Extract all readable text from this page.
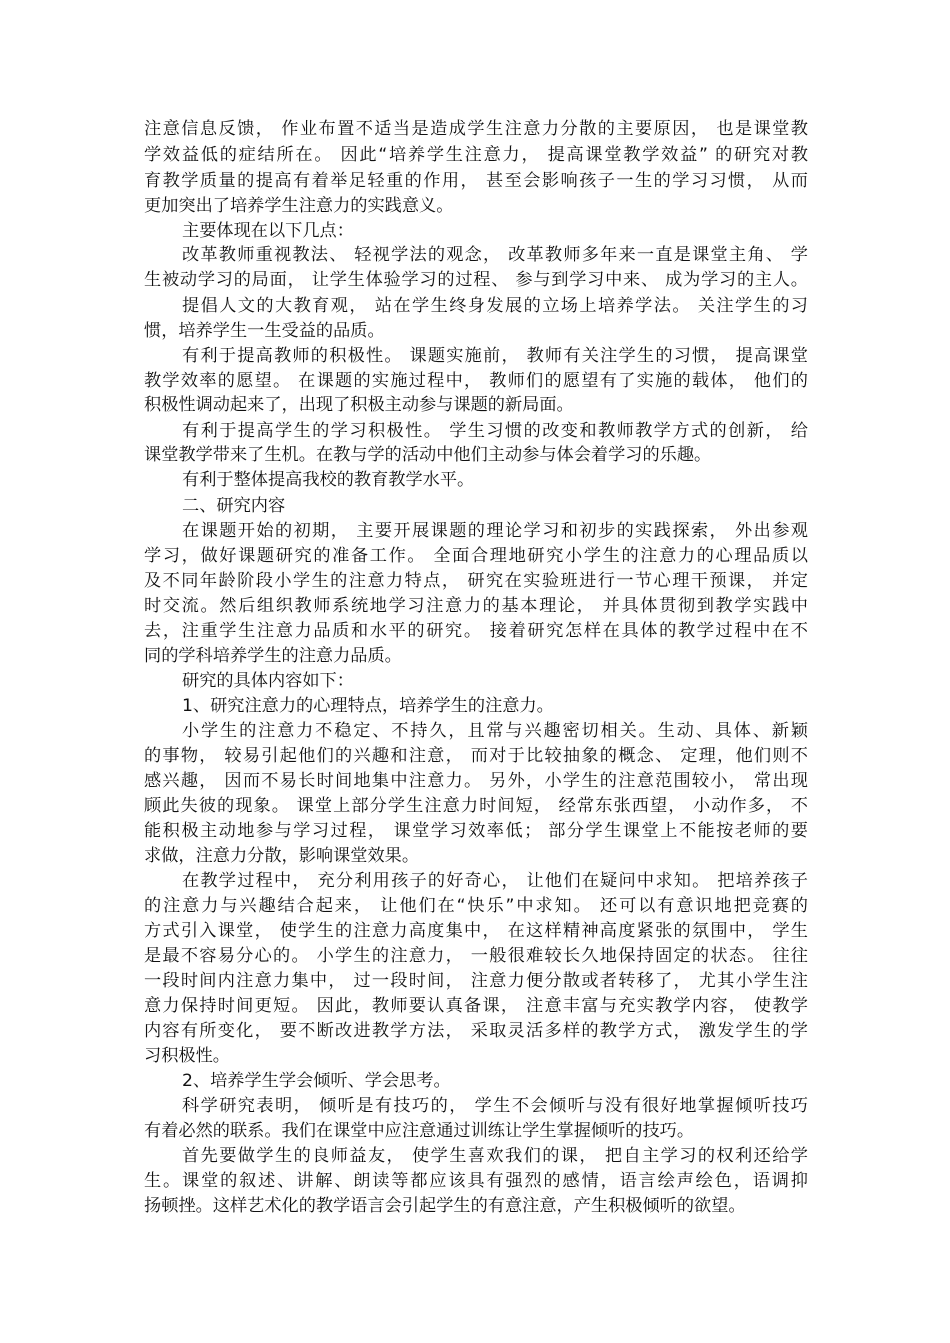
注意信息反馈， 作业布置不适当是造成学生注意力分散的主要原因， 也是课堂教
学效益低的症结所在。 因此“培养学生注意力， 提高课堂教学效益” 的研究对教
育教学质量的提高有着举足轻重的作用， 甚至会影响孩子一生的学习习惯， 从而
更加突出了培养学生注意力的实践意义。
主要体现在以下几点：
改革教师重视教法、 轻视学法的观念， 改革教师多年来一直是课堂主角、 学
生被动学习的局面， 让学生体验学习的过程、 参与到学习中来、 成为学习的主人。
提倡人文的大教育观， 站在学生终身发展的立场上培养学法。 关注学生的习
惯，培养学生一生受益的品质。
有利于提高教师的积极性。 课题实施前， 教师有关注学生的习惯， 提高课堂
教学效率的愿望。 在课题的实施过程中， 教师们的愿望有了实施的载体， 他们的
积极性调动起来了，出现了积极主动参与课题的新局面。
有利于提高学生的学习积极性。 学生习惯的改变和教师教学方式的创新， 给
课堂教学带来了生机。在教与学的活动中他们主动参与体会着学习的乐趣。
有利于整体提高我校的教育教学水平。
二、研究内容
在课题开始的初期， 主要开展课题的理论学习和初步的实践探索， 外出参观
学习，做好课题研究的准备工作。 全面合理地研究小学生的注意力的心理品质以
及不同年龄阶段小学生的注意力特点， 研究在实验班进行一节心理干预课， 并定
时交流。然后组织教师系统地学习注意力的基本理论， 并具体贯彻到教学实践中
去，注重学生注意力品质和水平的研究。 接着研究怎样在具体的教学过程中在不
同的学科培养学生的注意力品质。
研究的具体内容如下：
1、研究注意力的心理特点，培养学生的注意力。
小学生的注意力不稳定、不持久，且常与兴趣密切相关。生动、具体、新颖
的事物， 较易引起他们的兴趣和注意， 而对于比较抽象的概念、 定理，他们则不
感兴趣， 因而不易长时间地集中注意力。 另外，小学生的注意范围较小， 常出现
顾此失彼的现象。 课堂上部分学生注意力时间短， 经常东张西望， 小动作多， 不
能积极主动地参与学习过程， 课堂学习效率低； 部分学生课堂上不能按老师的要
求做，注意力分散，影响课堂效果。
在教学过程中， 充分利用孩子的好奇心， 让他们在疑问中求知。 把培养孩子
的注意力与兴趣结合起来， 让他们在“快乐”中求知。 还可以有意识地把竞赛的
方式引入课堂， 使学生的注意力高度集中， 在这样精神高度紧张的氛围中， 学生
是最不容易分心的。 小学生的注意力， 一般很难较长久地保持固定的状态。 往往
一段时间内注意力集中， 过一段时间， 注意力便分散或者转移了， 尤其小学生注
意力保持时间更短。 因此，教师要认真备课， 注意丰富与充实教学内容， 使教学
内容有所变化， 要不断改进教学方法， 采取灵活多样的教学方式， 激发学生的学
习积极性。
2、培养学生学会倾听、学会思考。
科学研究表明， 倾听是有技巧的， 学生不会倾听与没有很好地掌握倾听技巧
有着必然的联系。我们在课堂中应注意通过训练让学生掌握倾听的技巧。
首先要做学生的良师益友， 使学生喜欢我们的课， 把自主学习的权利还给学
生。课堂的叙述、讲解、朗读等都应该具有强烈的感情，语言绘声绘色，语调抑
扬顿挫。这样艺术化的教学语言会引起学生的有意注意，产生积极倾听的欲望。
